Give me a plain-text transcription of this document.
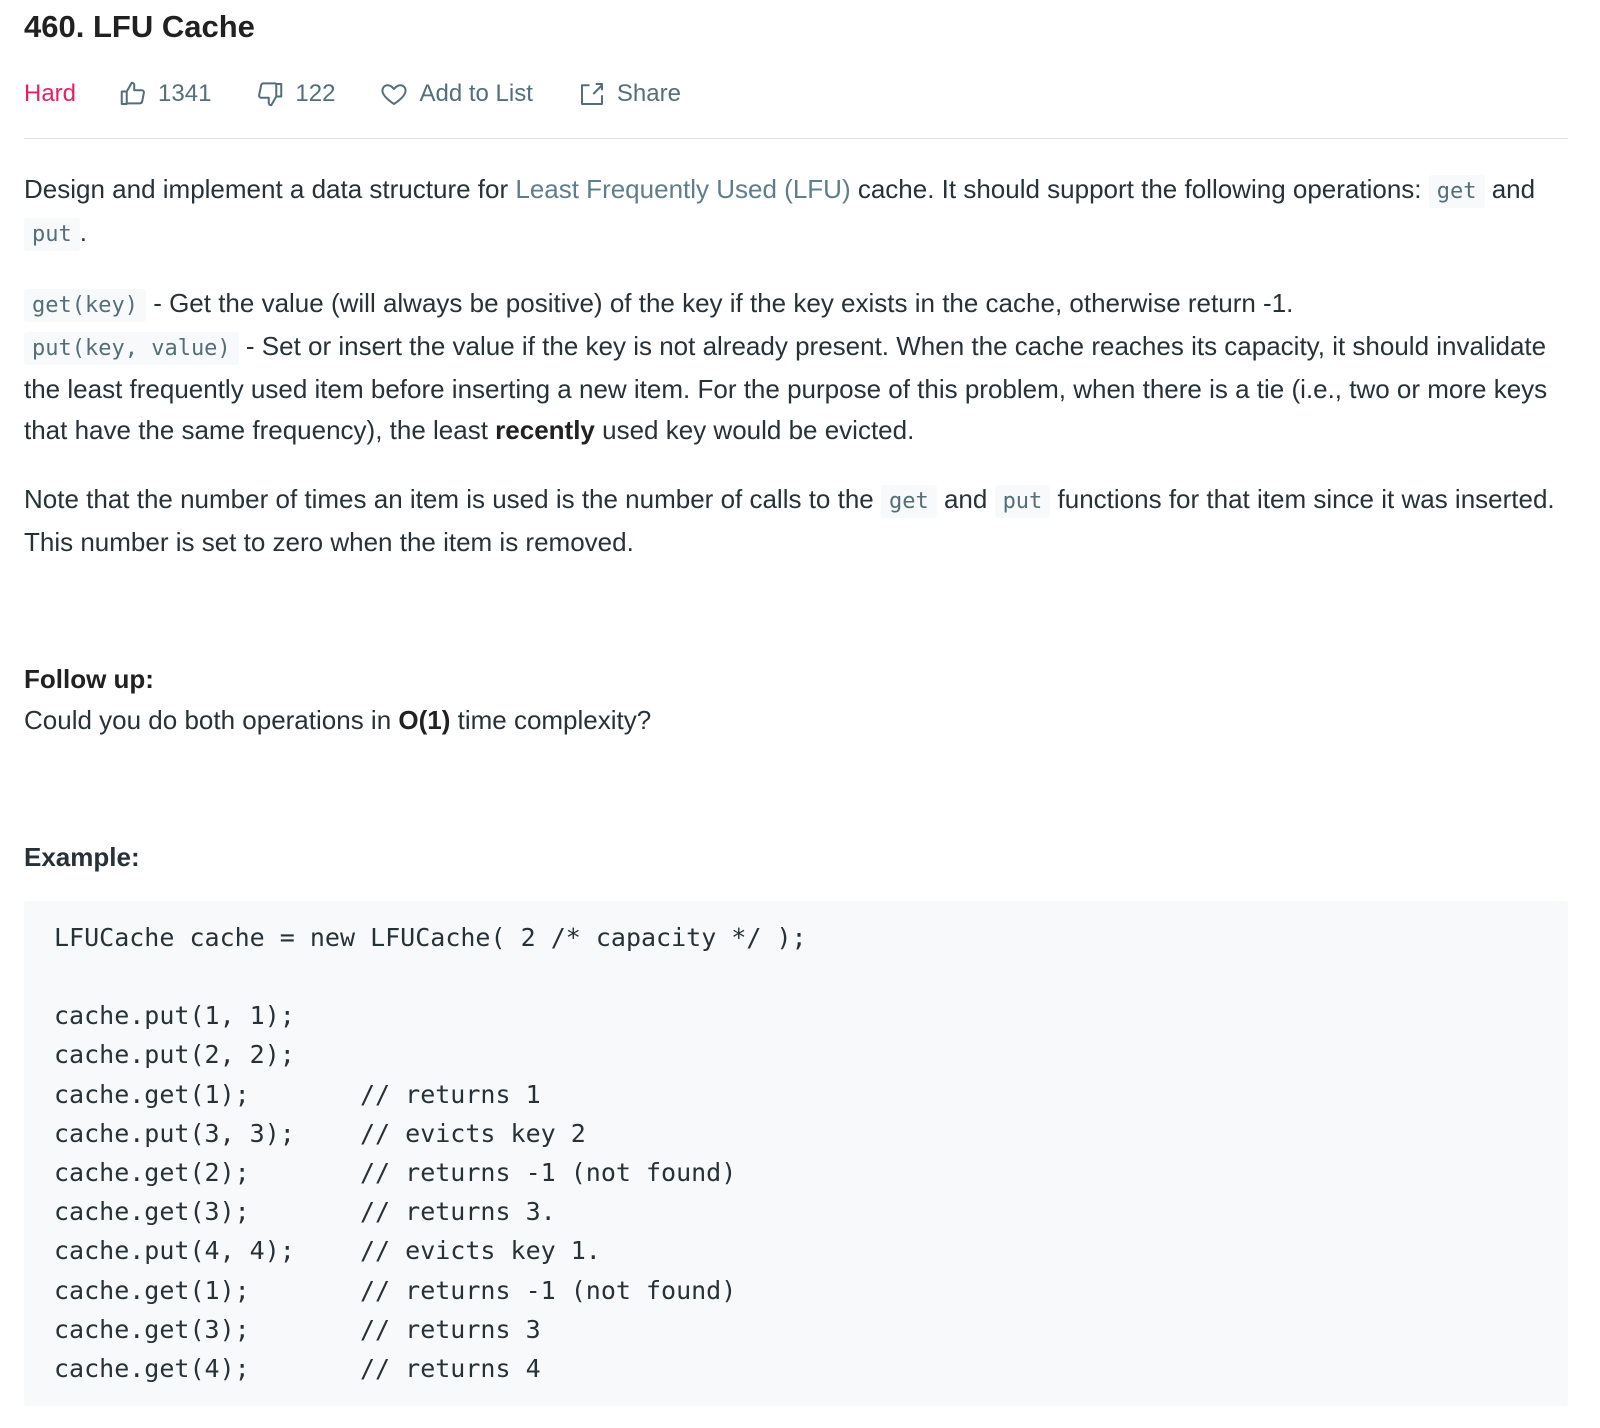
460. LFU Cache
Hard	1341	122	Add to List	Share

Design and implement a data structure for Least Frequently Used (LFU) cache. It should support the following operations: get and put .

get(key) - Get the value (will always be positive) of the key if the key exists in the cache, otherwise return -1.
put(key, value) - Set or insert the value if the key is not already present. When the cache reaches its capacity, it should invalidate the least frequently used item before inserting a new item. For the purpose of this problem, when there is a tie (i.e., two or more keys that have the same frequency), the least recently used key would be evicted.

Note that the number of times an item is used is the number of calls to the get and put functions for that item since it was inserted. This number is set to zero when the item is removed.

Follow up:
Could you do both operations in O(1) time complexity?

Example:

LFUCache cache = new LFUCache( 2 /* capacity */ );
cache.put(1, 1);
cache.put(2, 2);
cache.get(1);	// returns 1
cache.put(3, 3);	// evicts key 2
cache.get(2);	// returns -1 (not found)
cache.get(3);	// returns 3.
cache.put(4, 4);	// evicts key 1.
cache.get(1);	// returns -1 (not found)
cache.get(3);	// returns 3
cache.get(4);	// returns 4
